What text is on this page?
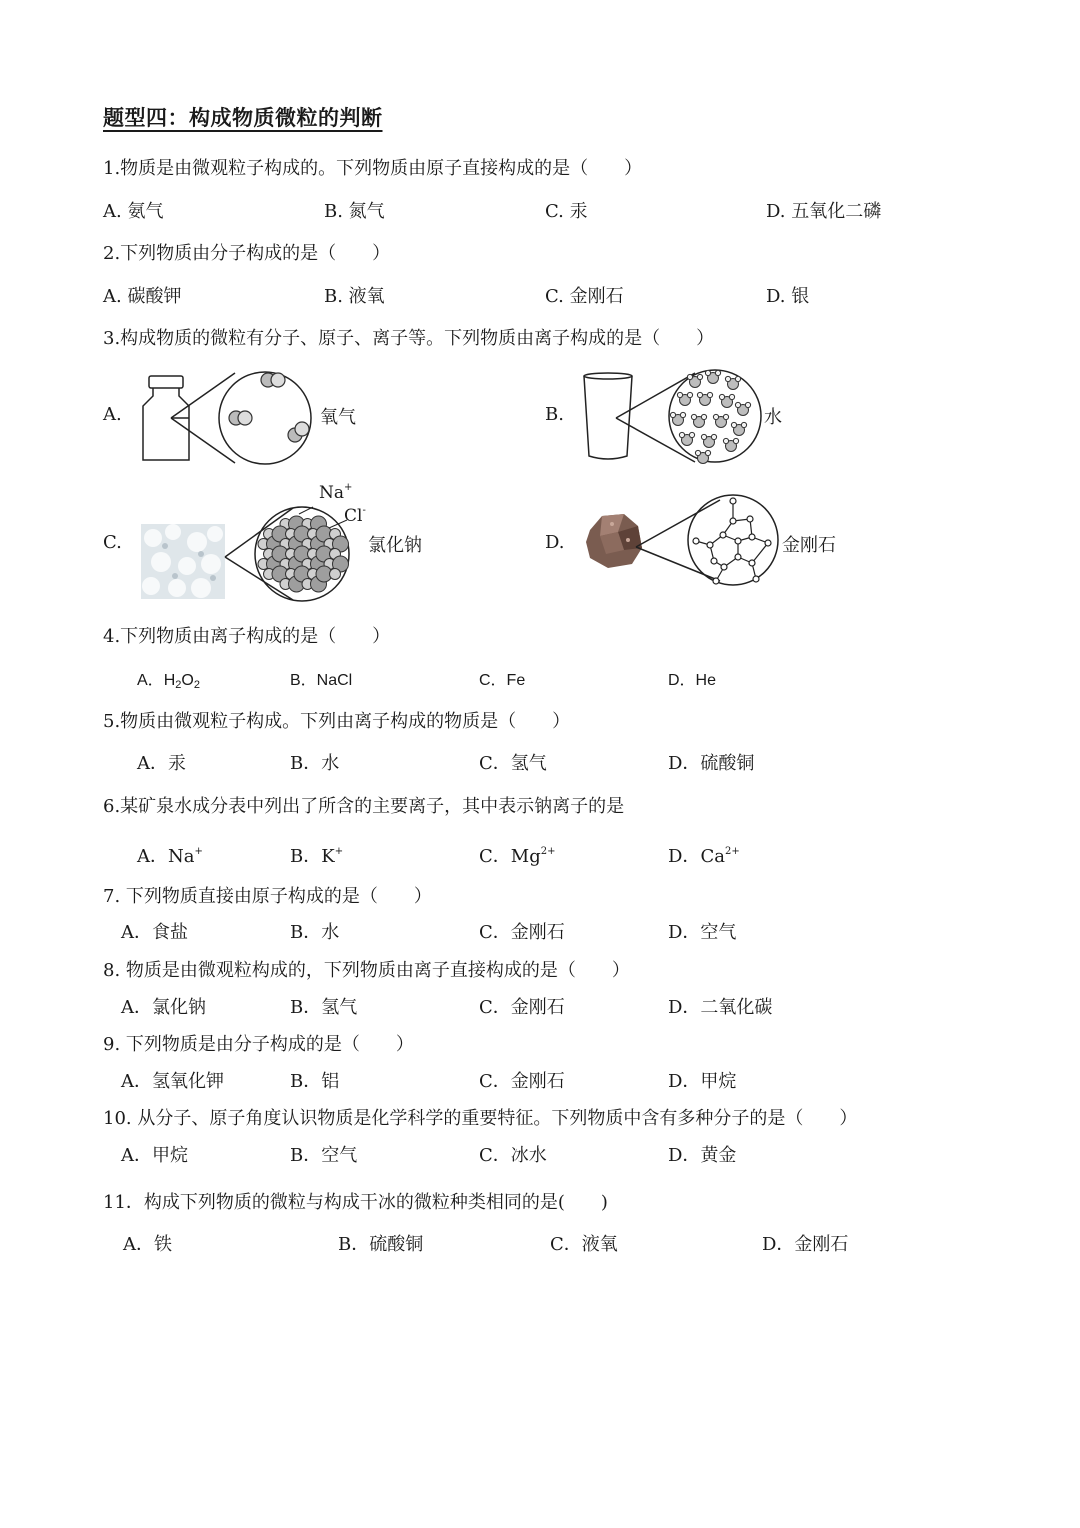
题型四：构成物质微粒的判断
1.物质是由微观粒子构成的。下列物质由原子直接构成的是（　　）
A. 氨气	B. 氮气	C. 汞	D. 五氧化二磷
2.下列物质由分子构成的是（　　）
A. 碳酸钾	B. 液氧	C. 金刚石	D. 银
3.构成物质的微粒有分子、原子、离子等。下列物质由离子构成的是（　　）
A.	氧气	B.	水
C.
Na+
Cl-
氯化钠	D.	金刚石
4.下列物质由离子构成的是（　　）
A．$H_2O_2$	B．NaCl	C．Fe	D．He
5.物质由微观粒子构成。下列由离子构成的物质是（　　）
A．汞	B．水	C．氢气	D．硫酸铜
6.某矿泉水成分表中列出了所含的主要离子，其中表示钠离子的是
A．Na+	B．K+	C．$Mg^{2+}$	D．$Ca^{2+}$
7. 下列物质直接由原子构成的是（　　）
A．食盐	B．水	C．金刚石	D．空气
8. 物质是由微观粒构成的，下列物质由离子直接构成的是（　　）
A．氯化钠	B．氢气	C．金刚石	D．二氧化碳
9. 下列物质是由分子构成的是（　　）
A．氢氧化钾	B．铝	C．金刚石	D．甲烷
10. 从分子、原子角度认识物质是化学科学的重要特征。下列物质中含有多种分子的是（　　）
A．甲烷	B．空气	C．冰水	D．黄金
11．构成下列物质的微粒与构成干冰的微粒种类相同的是(　　)
A．铁	B．硫酸铜	C．液氧	D．金刚石
